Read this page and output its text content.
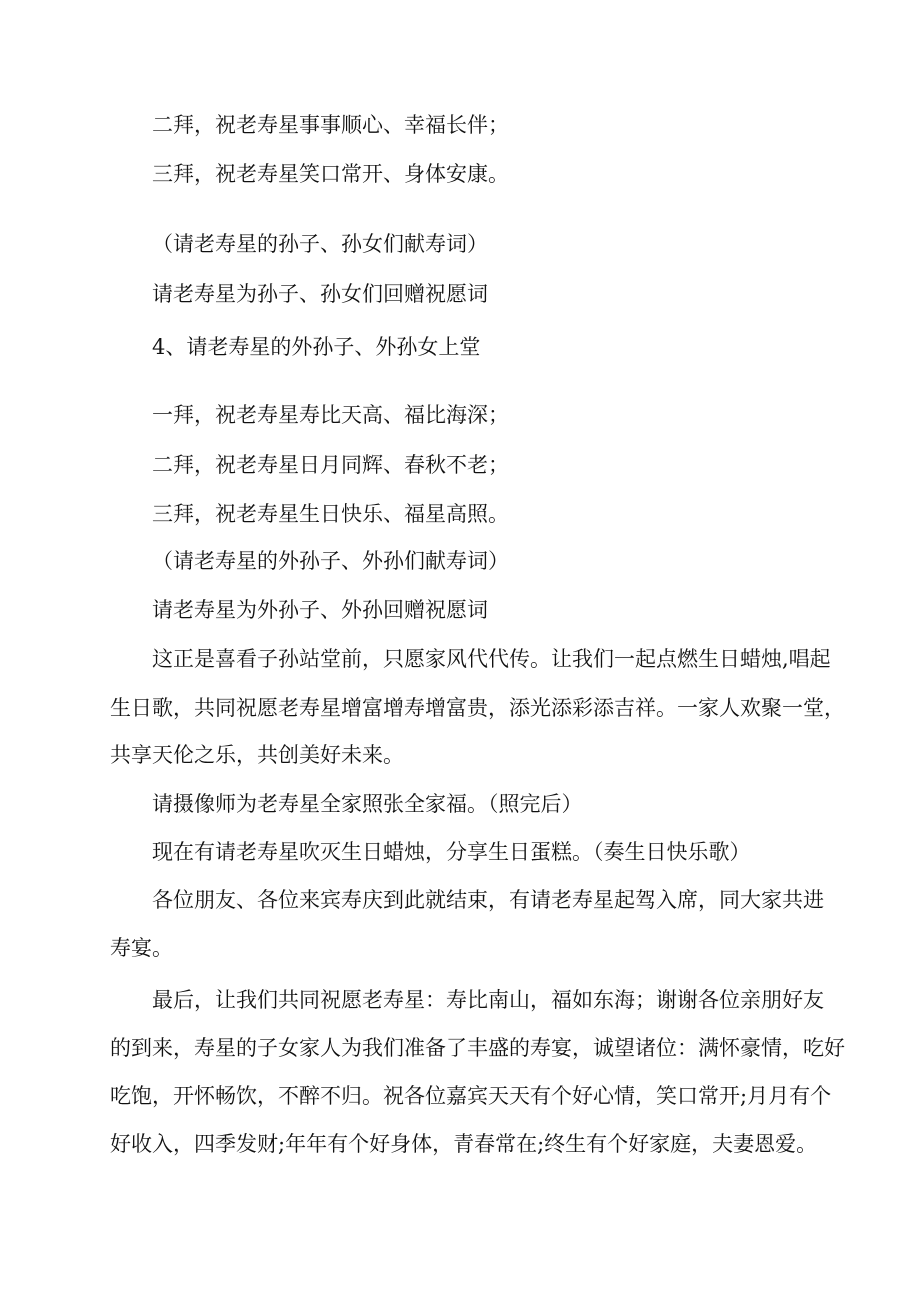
二拜，祝老寿星事事顺心、幸福长伴；

三拜，祝老寿星笑口常开、身体安康。

（请老寿星的孙子、孙女们献寿词）

请老寿星为孙子、孙女们回赠祝愿词

4、请老寿星的外孙子、外孙女上堂

一拜，祝老寿星寿比天高、福比海深；

二拜，祝老寿星日月同辉、春秋不老；

三拜，祝老寿星生日快乐、福星高照。

（请老寿星的外孙子、外孙们献寿词）

请老寿星为外孙子、外孙回赠祝愿词

这正是喜看子孙站堂前，只愿家风代代传。让我们一起点燃生日蜡烛,唱起

生日歌，共同祝愿老寿星增富增寿增富贵，添光添彩添吉祥。一家人欢聚一堂，

共享天伦之乐，共创美好未来。

请摄像师为老寿星全家照张全家福。（照完后）

现在有请老寿星吹灭生日蜡烛，分享生日蛋糕。（奏生日快乐歌）

各位朋友、各位来宾寿庆到此就结束，有请老寿星起驾入席，同大家共进

寿宴。

最后，让我们共同祝愿老寿星：寿比南山，福如东海；谢谢各位亲朋好友

的到来，寿星的子女家人为我们准备了丰盛的寿宴，诚望诸位：满怀豪情，吃好

吃饱，开怀畅饮，不醉不归。祝各位嘉宾天天有个好心情，笑口常开;月月有个

好收入，四季发财;年年有个好身体，青春常在;终生有个好家庭，夫妻恩爱。
